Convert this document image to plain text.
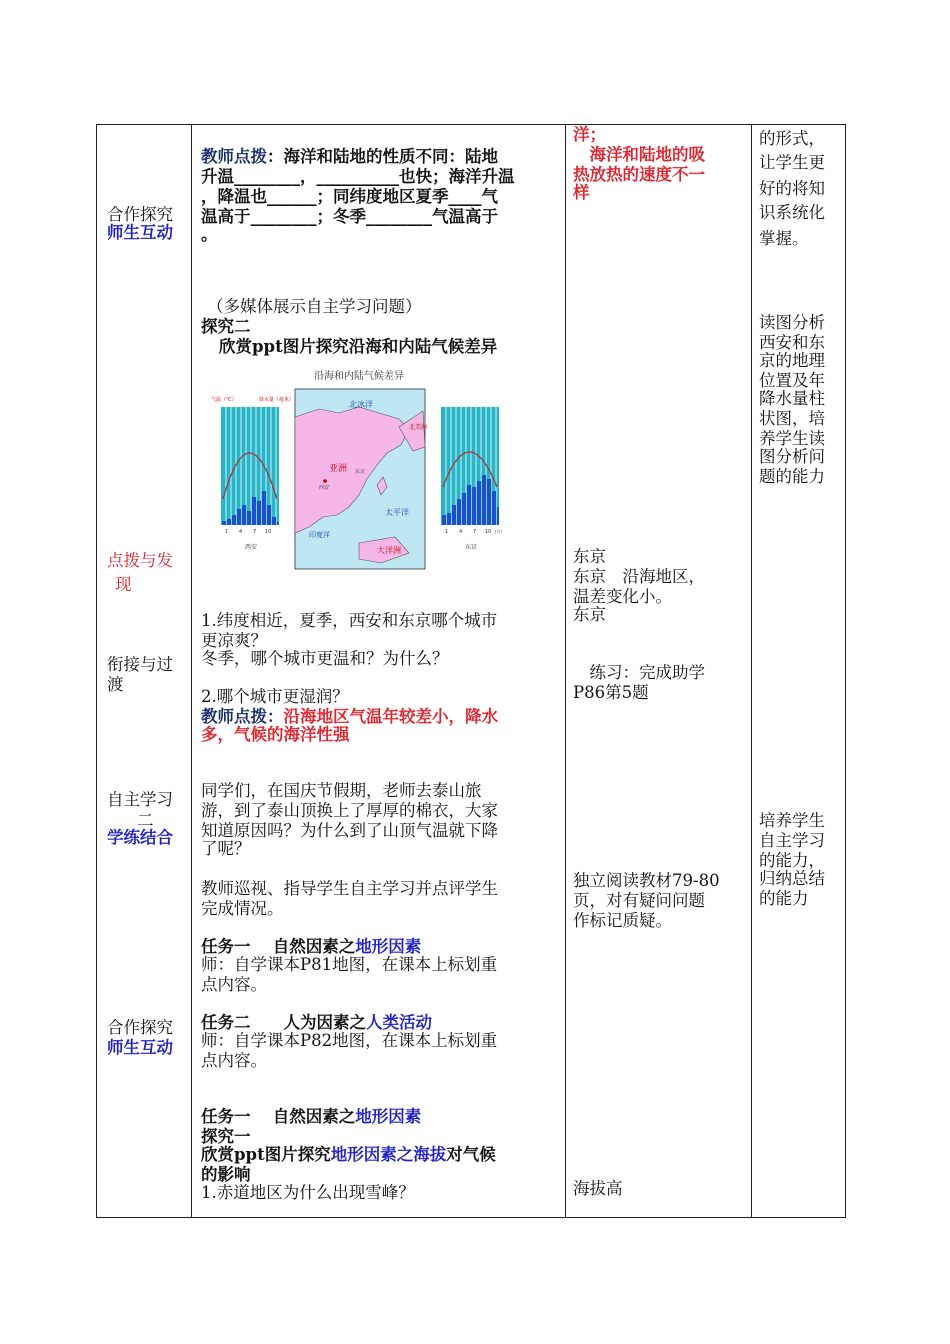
合作探究
师生互动
点拨与发
现
衔接与过
渡
自主学习
二
学练结合
合作探究
师生互动
教师点拨：海洋和陆地的性质不同：陆地
升温________，__________也快；海洋升温
，降温也______；同纬度地区夏季____气
温高于________；冬季________气温高于
。
（多媒体展示自主学习问题）
探究二
欣赏ppt图片探究沿海和内陆气候差异
沿海和内陆气候差异
气温（℃）	降水量（毫米）
1 4 7 10
西安
北冰洋
亚洲
太平洋
印度洋
大洋洲
北美洲
西安
东京
1 4 7 10 (月)
东京
1.纬度相近，夏季，西安和东京哪个城市
更凉爽？
冬季，哪个城市更温和？为什么？
2.哪个城市更湿润？
教师点拨：沿海地区气温年较差小，降水
多，气候的海洋性强
同学们，在国庆节假期，老师去泰山旅
游，到了泰山顶换上了厚厚的棉衣，大家
知道原因吗？为什么到了山顶气温就下降
了呢？
教师巡视、指导学生自主学习并点评学生
完成情况。
任务一　 自然因素之地形因素
师：自学课本P81地图，在课本上标划重
点内容。
任务二　　人为因素之人类活动
师：自学课本P82地图，在课本上标划重
点内容。
任务一　 自然因素之地形因素
探究一
欣赏ppt图片探究地形因素之海拔对气候
的影响
1.赤道地区为什么出现雪峰？
洋；
　海洋和陆地的吸
热放热的速度不一
样
东京
东京　沿海地区，
温差变化小。
东京
　练习：完成助学
P86第5题
独立阅读教材79-80
页，对有疑问问题
作标记质疑。
海拔高
的形式，
让学生更
好的将知
识系统化
掌握。
读图分析
西安和东
京的地理
位置及年
降水量柱
状图，培
养学生读
图分析问
题的能力
培养学生
自主学习
的能力，
归纳总结
的能力
